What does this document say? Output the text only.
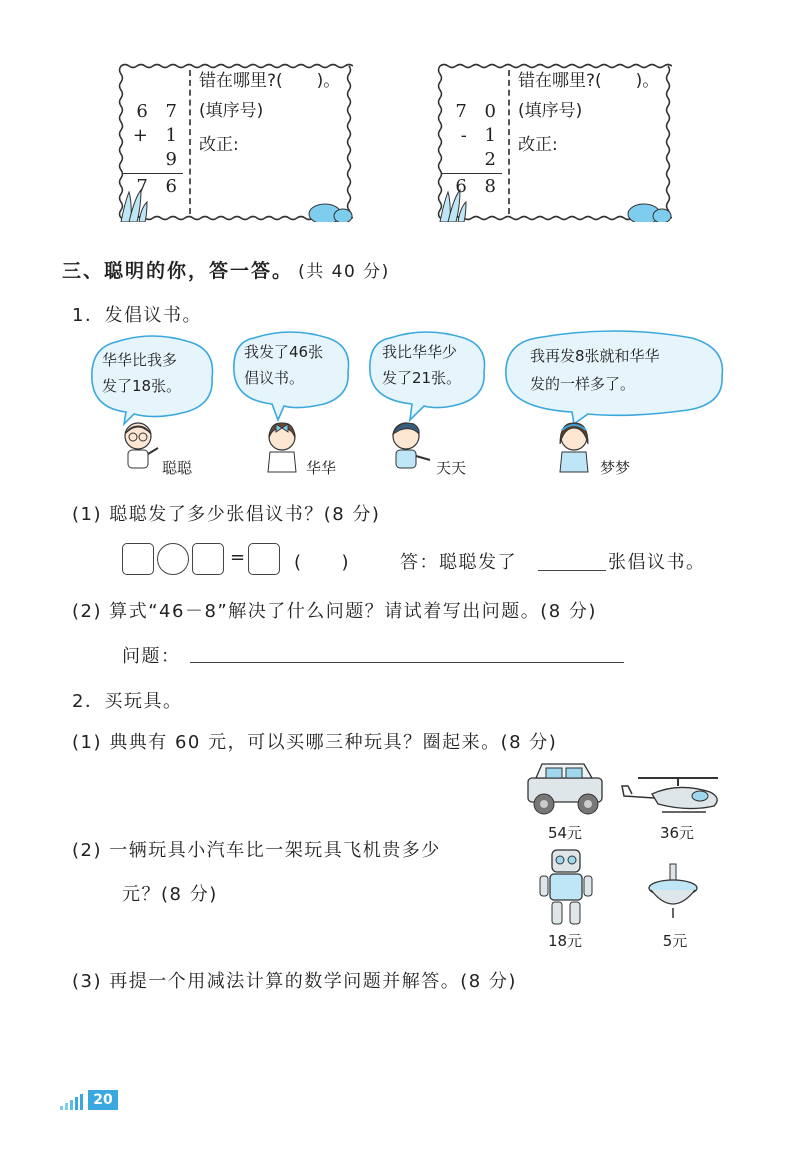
6 7
+ 1 9
7 6
错在哪里?(　　)。
(填序号)
改正:
7 0
- 1 2
6 8
错在哪里?(　　)。
(填序号)
改正:
三、聪明的你，答一答。 (共 40 分)
1．发倡议书。
华华比我多
发了18张。
我发了46张
倡议书。
我比华华少
发了21张。
我再发8张就和华华
发的一样多了。
聪聪	华华	天天	梦梦
(1) 聪聪发了多少张倡议书？(8 分)
=	(　　)	答：聪聪发了	张倡议书。
(2) 算式“46－8”解决了什么问题？请试着写出问题。(8 分)
问题：
2．买玩具。
(1) 典典有 60 元，可以买哪三种玩具？圈起来。(8 分)
(2) 一辆玩具小汽车比一架玩具飞机贵多少
元？(8 分)
(3) 再提一个用减法计算的数学问题并解答。(8 分)
54元	36元
18元	5元
20
